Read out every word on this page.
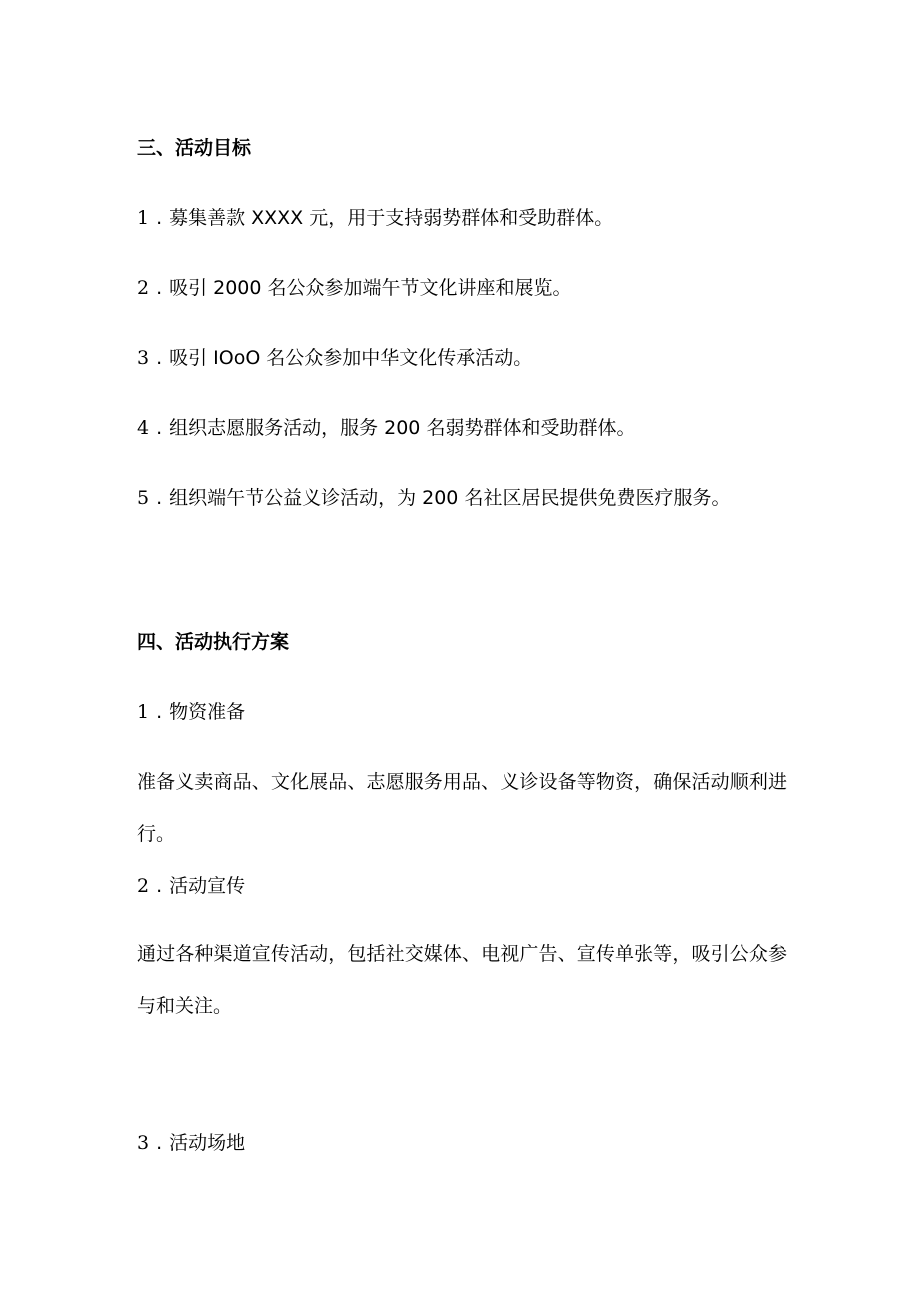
三、活动目标
1 . 募集善款 XXXX 元，用于支持弱势群体和受助群体。
2 . 吸引 2000 名公众参加端午节文化讲座和展览。
3 . 吸引 IOoO 名公众参加中华文化传承活动。
4 . 组织志愿服务活动，服务 200 名弱势群体和受助群体。
5 . 组织端午节公益义诊活动，为 200 名社区居民提供免费医疗服务。
四、活动执行方案
1 . 物资准备
准备义卖商品、文化展品、志愿服务用品、义诊设备等物资，确保活动顺利进行。
2 . 活动宣传
通过各种渠道宣传活动，包括社交媒体、电视广告、宣传单张等，吸引公众参与和关注。
3 . 活动场地
